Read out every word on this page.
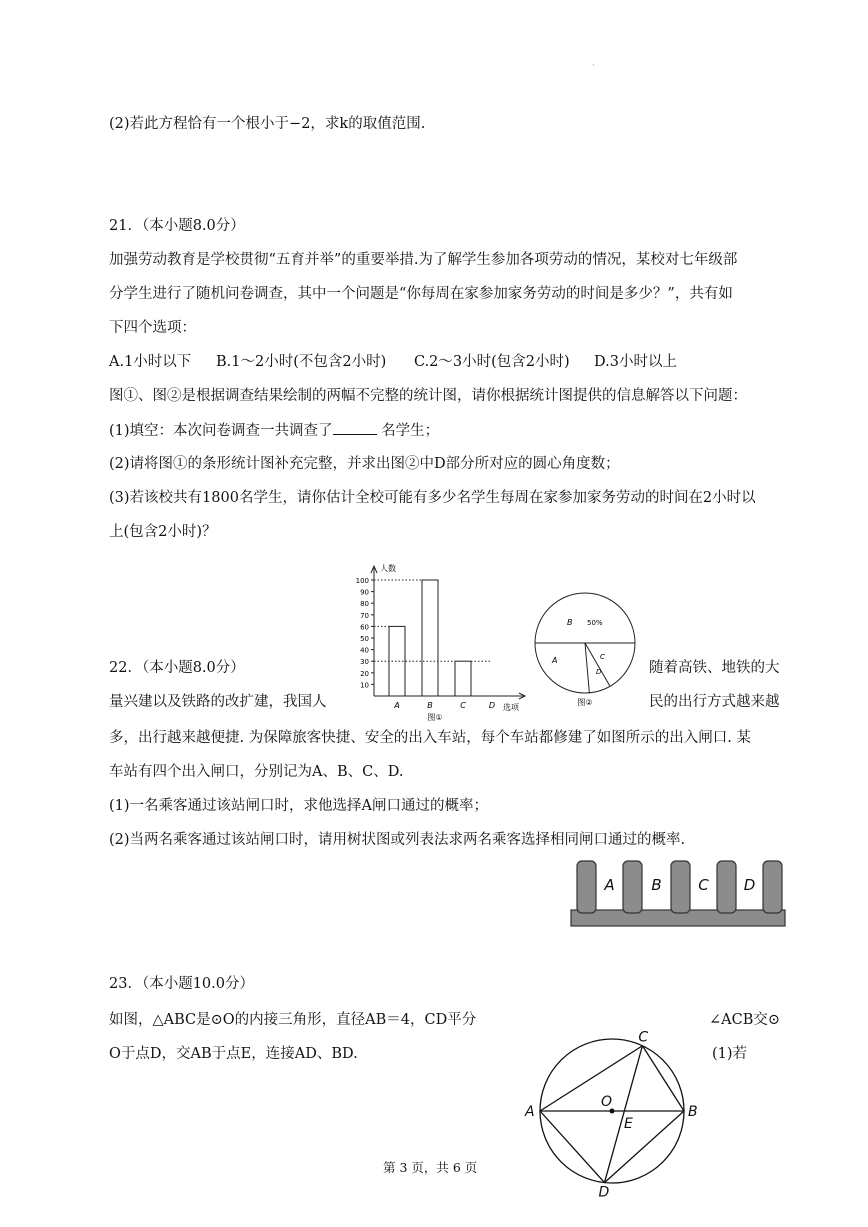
·
(2)若此方程恰有一个根小于−2，求k的取值范围.
21．（本小题8.0分）
加强劳动教育是学校贯彻“五育并举”的重要举措.为了解学生参加各项劳动的情况，某校对七年级部
分学生进行了随机问卷调查，其中一个问题是“你每周在家参加家务劳动的时间是多少？”，共有如
下四个选项：
A.1小时以下 B.1～2小时(不包含2小时) C.2～3小时(包含2小时) D.3小时以上
图①、图②是根据调查结果绘制的两幅不完整的统计图，请你根据统计图提供的信息解答以下问题：
(1)填空：本次问卷调查一共调查了	名学生；
(2)请将图①的条形统计图补充完整，并求出图②中D部分所对应的圆心角度数；
(3)若该校共有1800名学生，请你估计全校可能有多少名学生每周在家参加家务劳动的时间在2小时以
上(包含2小时)？
人数
选项
10
20
30
40
50
60
70
80
90
100
A	B	C	D
图①
B 50%
A	C
D
图②
22．（本小题8.0分）	随着高铁、地铁的大
量兴建以及铁路的改扩建，我国人	民的出行方式越来越
多，出行越来越便捷. 为保障旅客快捷、安全的出入车站，每个车站都修建了如图所示的出入闸口. 某
车站有四个出入闸口，分别记为A、B、C、D.
(1)一名乘客通过该站闸口时，求他选择A闸口通过的概率；
(2)当两名乘客通过该站闸口时，请用树状图或列表法求两名乘客选择相同闸口通过的概率.
A B C D
23．（本小题10.0分）
如图，△ABC是⊙O的内接三角形，直径AB＝4，CD平分	∠ACB交⊙
O于点D，交AB于点E，连接AD、BD.	(1)若
A	B
C
D
O
E
第 3 页，共 6 页
